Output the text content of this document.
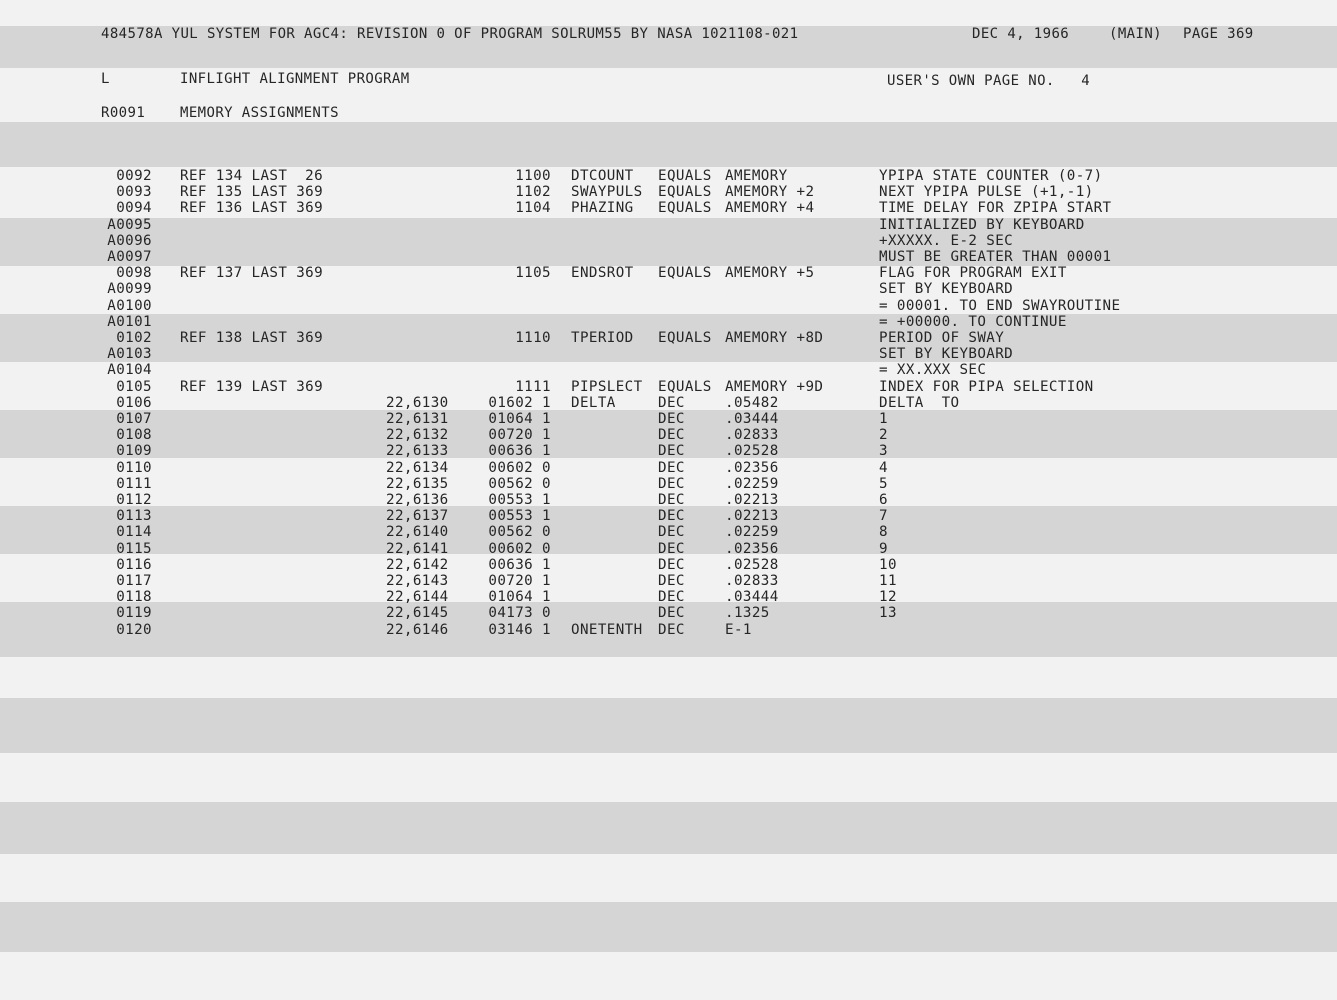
484578A YUL SYSTEM FOR AGC4: REVISION 0 OF PROGRAM SOLRUM55 BY NASA 1021108-021	DEC 4, 1966	(MAIN) PAGE 369
L	INFLIGHT ALIGNMENT PROGRAM	USER'S OWN PAGE NO.   4
R0091 MEMORY ASSIGNMENTS
0092 REF 134 LAST  26	1100 DTCOUNT EQUALS AMEMORY	YPIPA STATE COUNTER (0-7)
0093 REF 135 LAST 369	1102 SWAYPULS EQUALS AMEMORY +2	NEXT YPIPA PULSE (+1,-1)
0094 REF 136 LAST 369	1104 PHAZING EQUALS AMEMORY +4	TIME DELAY FOR ZPIPA START
A0095	INITIALIZED BY KEYBOARD
A0096	+XXXXX. E-2 SEC
A0097	MUST BE GREATER THAN 00001
0098 REF 137 LAST 369	1105 ENDSROT EQUALS AMEMORY +5	FLAG FOR PROGRAM EXIT
A0099	SET BY KEYBOARD
A0100	= 00001. TO END SWAYROUTINE
A0101	= +00000. TO CONTINUE
0102 REF 138 LAST 369	1110 TPERIOD EQUALS AMEMORY +8D	PERIOD OF SWAY
A0103	SET BY KEYBOARD
A0104	= XX.XXX SEC
0105 REF 139 LAST 369	1111 PIPSLECT EQUALS AMEMORY +9D	INDEX FOR PIPA SELECTION
0106	22,6130	01602 1 DELTA	DEC	.05482	DELTA  TO
0107	22,6131	01064 1	DEC	.03444	1
0108	22,6132	00720 1	DEC	.02833	2
0109	22,6133	00636 1	DEC	.02528	3
0110	22,6134	00602 0	DEC	.02356	4
0111	22,6135	00562 0	DEC	.02259	5
0112	22,6136	00553 1	DEC	.02213	6
0113	22,6137	00553 1	DEC	.02213	7
0114	22,6140	00562 0	DEC	.02259	8
0115	22,6141	00602 0	DEC	.02356	9
0116	22,6142	00636 1	DEC	.02528	10
0117	22,6143	00720 1	DEC	.02833	11
0118	22,6144	01064 1	DEC	.03444	12
0119	22,6145	04173 0	DEC	.1325	13
0120	22,6146	03146 1 ONETENTH DEC	E-1
